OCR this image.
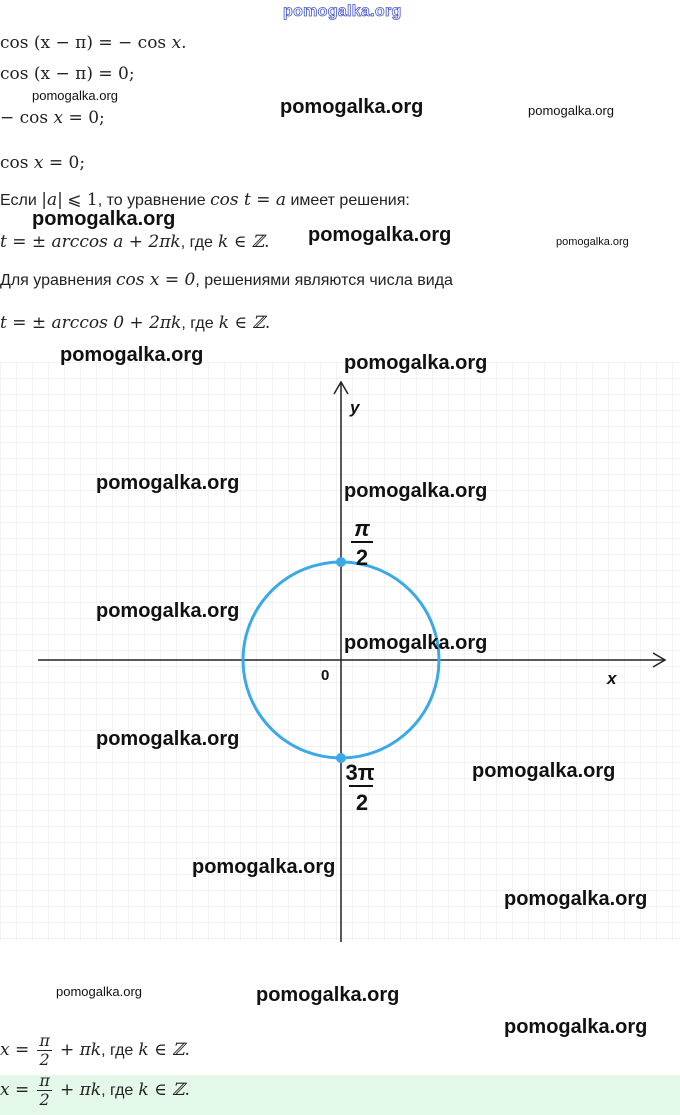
pomogalka.org
cos (x − π) = − cos x.
cos (x − π) = 0;
− cos x = 0;
cos x = 0;
Если |a| ⩽ 1, то уравнение cos t = a имеет решения:
t = ± arccos a + 2πk, где k ∈ ℤ.
Для уравнения cos x = 0, решениями являются числа вида
t = ± arccos 0 + 2πk, где k ∈ ℤ.
y
x
0
π
2
3π
2
$x = \frac{\pi}{2} + \pi k$, где k ∈ ℤ.
$x = \frac{\pi}{2} + \pi k$, где k ∈ ℤ.
pomogalka.org
pomogalka.org	pomogalka.org
pomogalka.org
pomogalka.org	pomogalka.org
pomogalka.org	pomogalka.org
pomogalka.org	pomogalka.org
pomogalka.org
pomogalka.org
pomogalka.org
pomogalka.org
pomogalka.org
pomogalka.org
pomogalka.org	pomogalka.org
pomogalka.org
